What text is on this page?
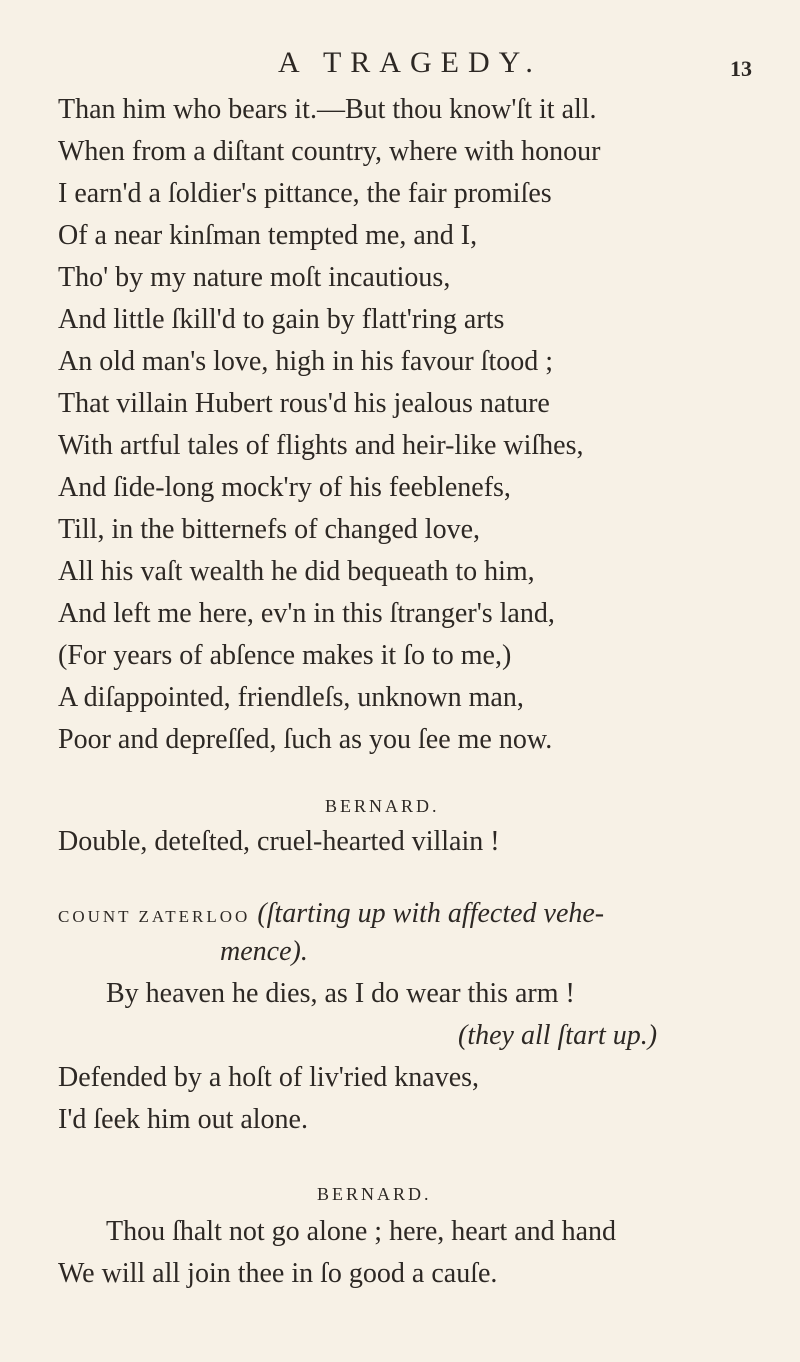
A TRAGEDY.	13
Than him who bears it.—But thou know'ſt it all.
When from a diſtant country, where with honour
I earn'd a ſoldier's pittance, the fair promiſes
Of a near kinſman tempted me, and I,
Tho' by my nature moſt incautious,
And little ſkill'd to gain by flatt'ring arts
An old man's love, high in his favour ſtood ;
That villain Hubert rous'd his jealous nature
With artful tales of flights and heir-like wiſhes,
And ſide-long mock'ry of his feeblenefs,
Till, in the bitternefs of changed love,
All his vaſt wealth he did bequeath to him,
And left me here, ev'n in this ſtranger's land,
(For years of abſence makes it ſo to me,)
A diſappointed, friendleſs, unknown man,
Poor and depreſſed, ſuch as you ſee me now.
BERNARD.
Double, deteſted, cruel-hearted villain !
COUNT ZATERLOO (ſtarting up with affected vehe-
mence).
By heaven he dies, as I do wear this arm !
(they all ſtart up.)
Defended by a hoſt of liv'ried knaves,
I'd ſeek him out alone.
BERNARD.
Thou ſhalt not go alone ; here, heart and hand
We will all join thee in ſo good a cauſe.
